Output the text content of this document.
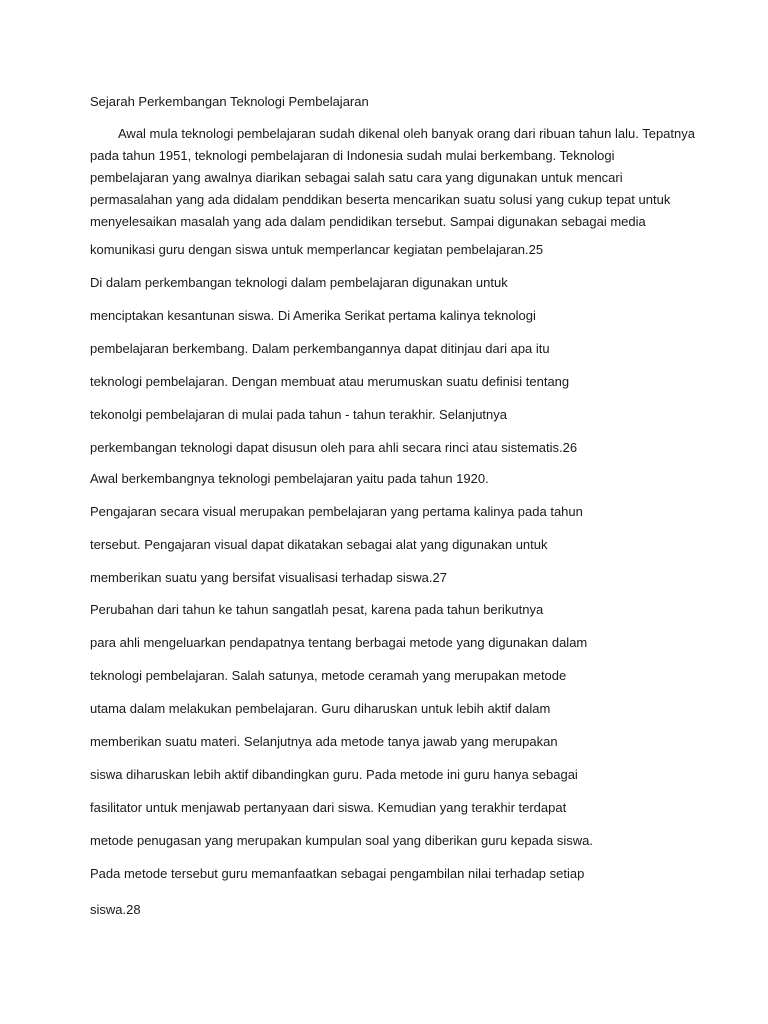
Sejarah Perkembangan Teknologi Pembelajaran
Awal mula teknologi pembelajaran sudah dikenal oleh banyak orang dari ribuan tahun lalu. Tepatnya
pada tahun 1951, teknologi pembelajaran di Indonesia sudah mulai berkembang. Teknologi
pembelajaran yang awalnya diarikan sebagai salah satu cara yang digunakan untuk mencari
permasalahan yang ada didalam penddikan beserta mencarikan suatu solusi yang cukup tepat untuk
menyelesaikan masalah yang ada dalam pendidikan tersebut. Sampai digunakan sebagai media
komunikasi guru dengan siswa untuk memperlancar kegiatan pembelajaran.25
Di dalam perkembangan teknologi dalam pembelajaran digunakan untuk
menciptakan kesantunan siswa. Di Amerika Serikat pertama kalinya teknologi
pembelajaran berkembang. Dalam perkembangannya dapat ditinjau dari apa itu
teknologi pembelajaran. Dengan membuat atau merumuskan suatu definisi tentang
tekonolgi pembelajaran di mulai pada tahun - tahun terakhir. Selanjutnya
perkembangan teknologi dapat disusun oleh para ahli secara rinci atau sistematis.26
Awal berkembangnya teknologi pembelajaran yaitu pada tahun 1920.
Pengajaran secara visual merupakan pembelajaran yang pertama kalinya pada tahun
tersebut. Pengajaran visual dapat dikatakan sebagai alat yang digunakan untuk
memberikan suatu yang bersifat visualisasi terhadap siswa.27
Perubahan dari tahun ke tahun sangatlah pesat, karena pada tahun berikutnya
para ahli mengeluarkan pendapatnya tentang berbagai metode yang digunakan dalam
teknologi pembelajaran. Salah satunya, metode ceramah yang merupakan metode
utama dalam melakukan pembelajaran. Guru diharuskan untuk lebih aktif dalam
memberikan suatu materi. Selanjutnya ada metode tanya jawab yang merupakan
siswa diharuskan lebih aktif dibandingkan guru. Pada metode ini guru hanya sebagai
fasilitator untuk menjawab pertanyaan dari siswa. Kemudian yang terakhir terdapat
metode penugasan yang merupakan kumpulan soal yang diberikan guru kepada siswa.
Pada metode tersebut guru memanfaatkan sebagai pengambilan nilai terhadap setiap
siswa.28
